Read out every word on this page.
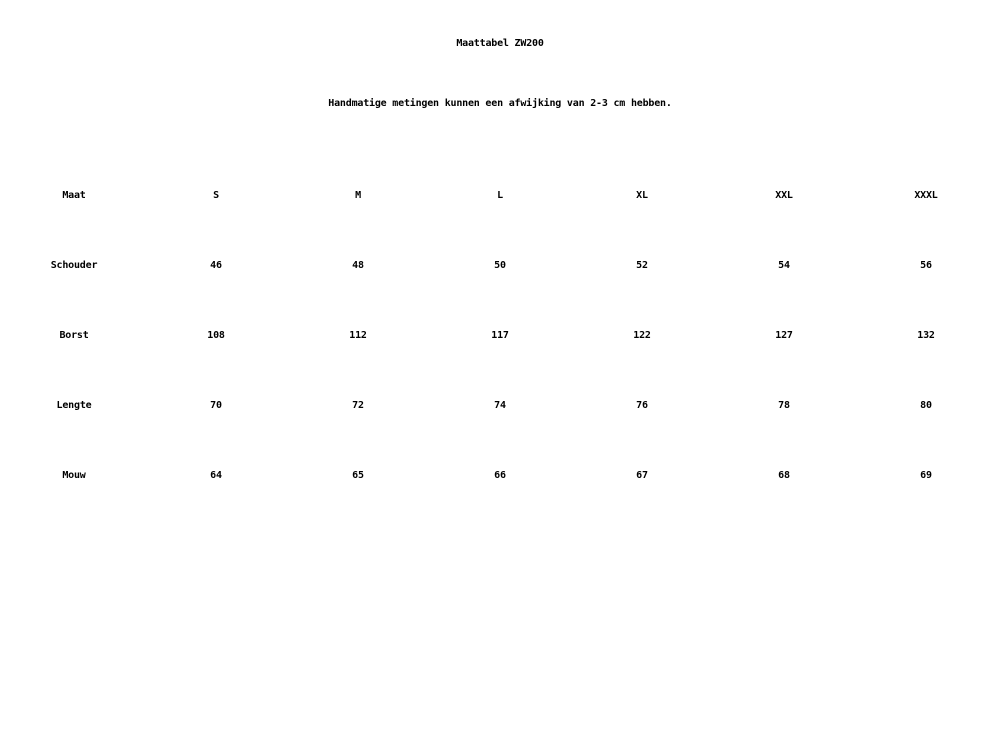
Maattabel ZW200
Handmatige metingen kunnen een afwijking van 2-3 cm hebben.
Maat	S	M	L	XL	XXL	XXXL
Schouder	46	48	50	52	54	56
Borst	108	112	117	122	127	132
Lengte	70	72	74	76	78	80
Mouw	64	65	66	67	68	69
